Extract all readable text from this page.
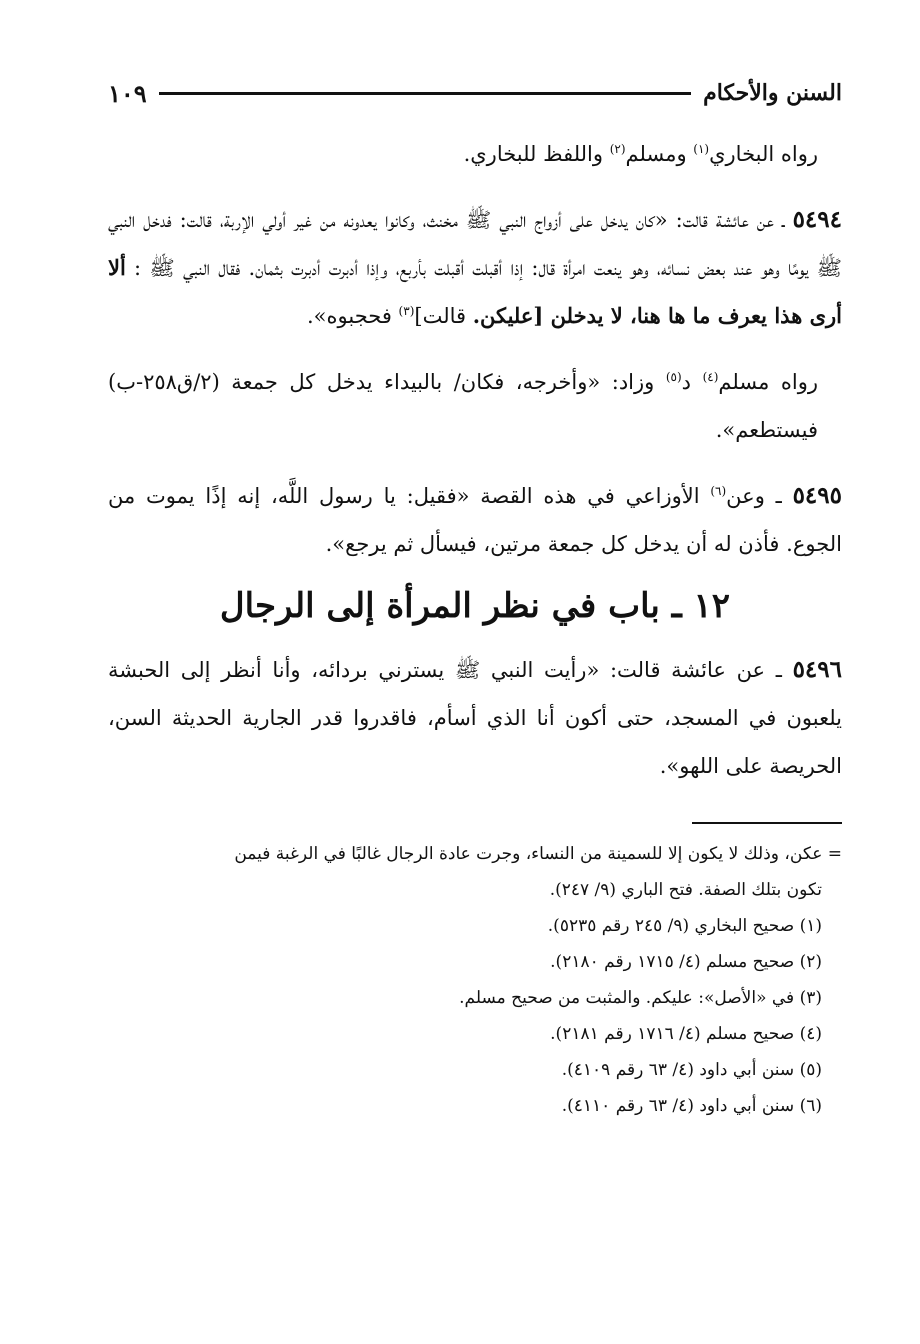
السنن والأحكام
١٠٩

رواه البخاري$^{(١)}$ ومسلم$^{(٢)}$ واللفظ للبخاري.

٥٤٩٤ ـ عن عائشة قالت: «كان يدخل على أزواج النبي ﷺ مخنث، وكانوا يعدونه من غير أولي الإربة، قالت: فدخل النبي ﷺ يومًا وهو عند بعض نسائه، وهو ينعت امرأة قال: إذا أقبلت أقبلت بأربع، وإذا أدبرت أدبرت بثمان. فقال النبي ﷺ : ألا أرى هذا يعرف ما ها هنا، لا يدخلن [عليكن. قالت]$^{(٣)}$ فحجبوه».

رواه مسلم$^{(٤)}$ د$^{(٥)}$ وزاد: «وأخرجه، فكان/ بالبيداء يدخل كل جمعة (٢/ق٢٥٨-ب) فيستطعم».

٥٤٩٥ ـ وعن$^{(٦)}$ الأوزاعي في هذه القصة «فقيل: يا رسول اللَّه، إنه إذًا يموت من الجوع. فأذن له أن يدخل كل جمعة مرتين، فيسأل ثم يرجع».

١٢ ـ باب في نظر المرأة إلى الرجال

٥٤٩٦ ـ عن عائشة قالت: «رأيت النبي ﷺ يسترني بردائه، وأنا أنظر إلى الحبشة يلعبون في المسجد، حتى أكون أنا الذي أسأم، فاقدروا قدر الجارية الحديثة السن، الحريصة على اللهو».

= عكن، وذلك لا يكون إلا للسمينة من النساء، وجرت عادة الرجال غالبًا في الرغبة فيمن

تكون بتلك الصفة. فتح الباري (٩/ ٢٤٧).

(١) صحيح البخاري (٩/ ٢٤٥ رقم ٥٢٣٥).

(٢) صحيح مسلم (٤/ ١٧١٥ رقم ٢١٨٠).

(٣) في «الأصل»: عليكم. والمثبت من صحيح مسلم.

(٤) صحيح مسلم (٤/ ١٧١٦ رقم ٢١٨١).

(٥) سنن أبي داود (٤/ ٦٣ رقم ٤١٠٩).

(٦) سنن أبي داود (٤/ ٦٣ رقم ٤١١٠).
